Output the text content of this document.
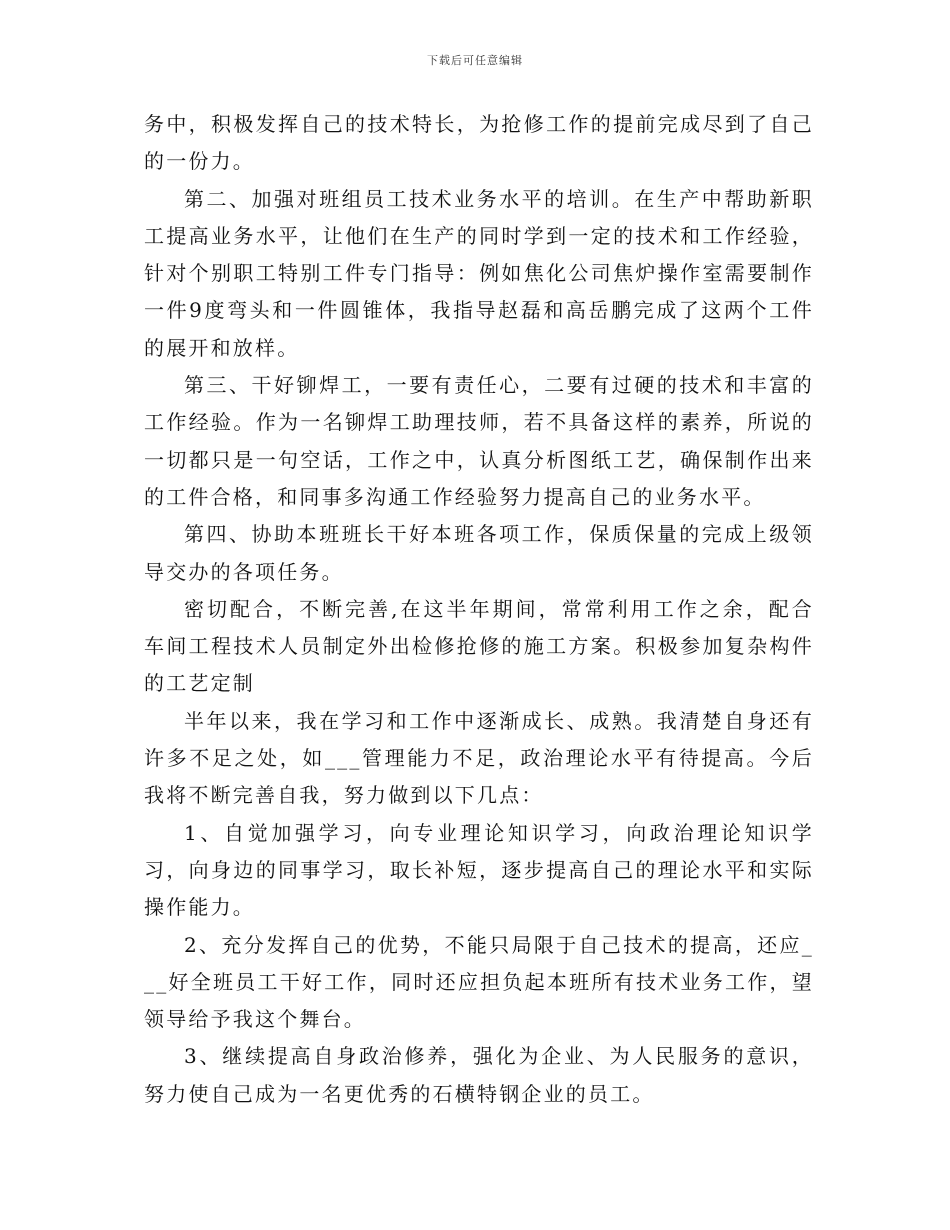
下载后可任意编辑

务中，积极发挥自己的技术特长，为抢修工作的提前完成尽到了自己的一份力。

第二、加强对班组员工技术业务水平的培训。在生产中帮助新职工提高业务水平，让他们在生产的同时学到一定的技术和工作经验，针对个别职工特别工件专门指导：例如焦化公司焦炉操作室需要制作一件9度弯头和一件圆锥体，我指导赵磊和高岳鹏完成了这两个工件的展开和放样。

第三、干好铆焊工，一要有责任心，二要有过硬的技术和丰富的工作经验。作为一名铆焊工助理技师，若不具备这样的素养，所说的一切都只是一句空话，工作之中，认真分析图纸工艺，确保制作出来的工件合格，和同事多沟通工作经验努力提高自己的业务水平。

第四、协助本班班长干好本班各项工作，保质保量的完成上级领导交办的各项任务。

密切配合，不断完善,在这半年期间，常常利用工作之余，配合车间工程技术人员制定外出检修抢修的施工方案。积极参加复杂构件的工艺定制

半年以来，我在学习和工作中逐渐成长、成熟。我清楚自身还有许多不足之处，如___管理能力不足，政治理论水平有待提高。今后我将不断完善自我，努力做到以下几点：

1、自觉加强学习，向专业理论知识学习，向政治理论知识学习，向身边的同事学习，取长补短，逐步提高自己的理论水平和实际操作能力。

2、充分发挥自己的优势，不能只局限于自己技术的提高，还应___好全班员工干好工作，同时还应担负起本班所有技术业务工作，望领导给予我这个舞台。

3、继续提高自身政治修养，强化为企业、为人民服务的意识，努力使自己成为一名更优秀的石横特钢企业的员工。
